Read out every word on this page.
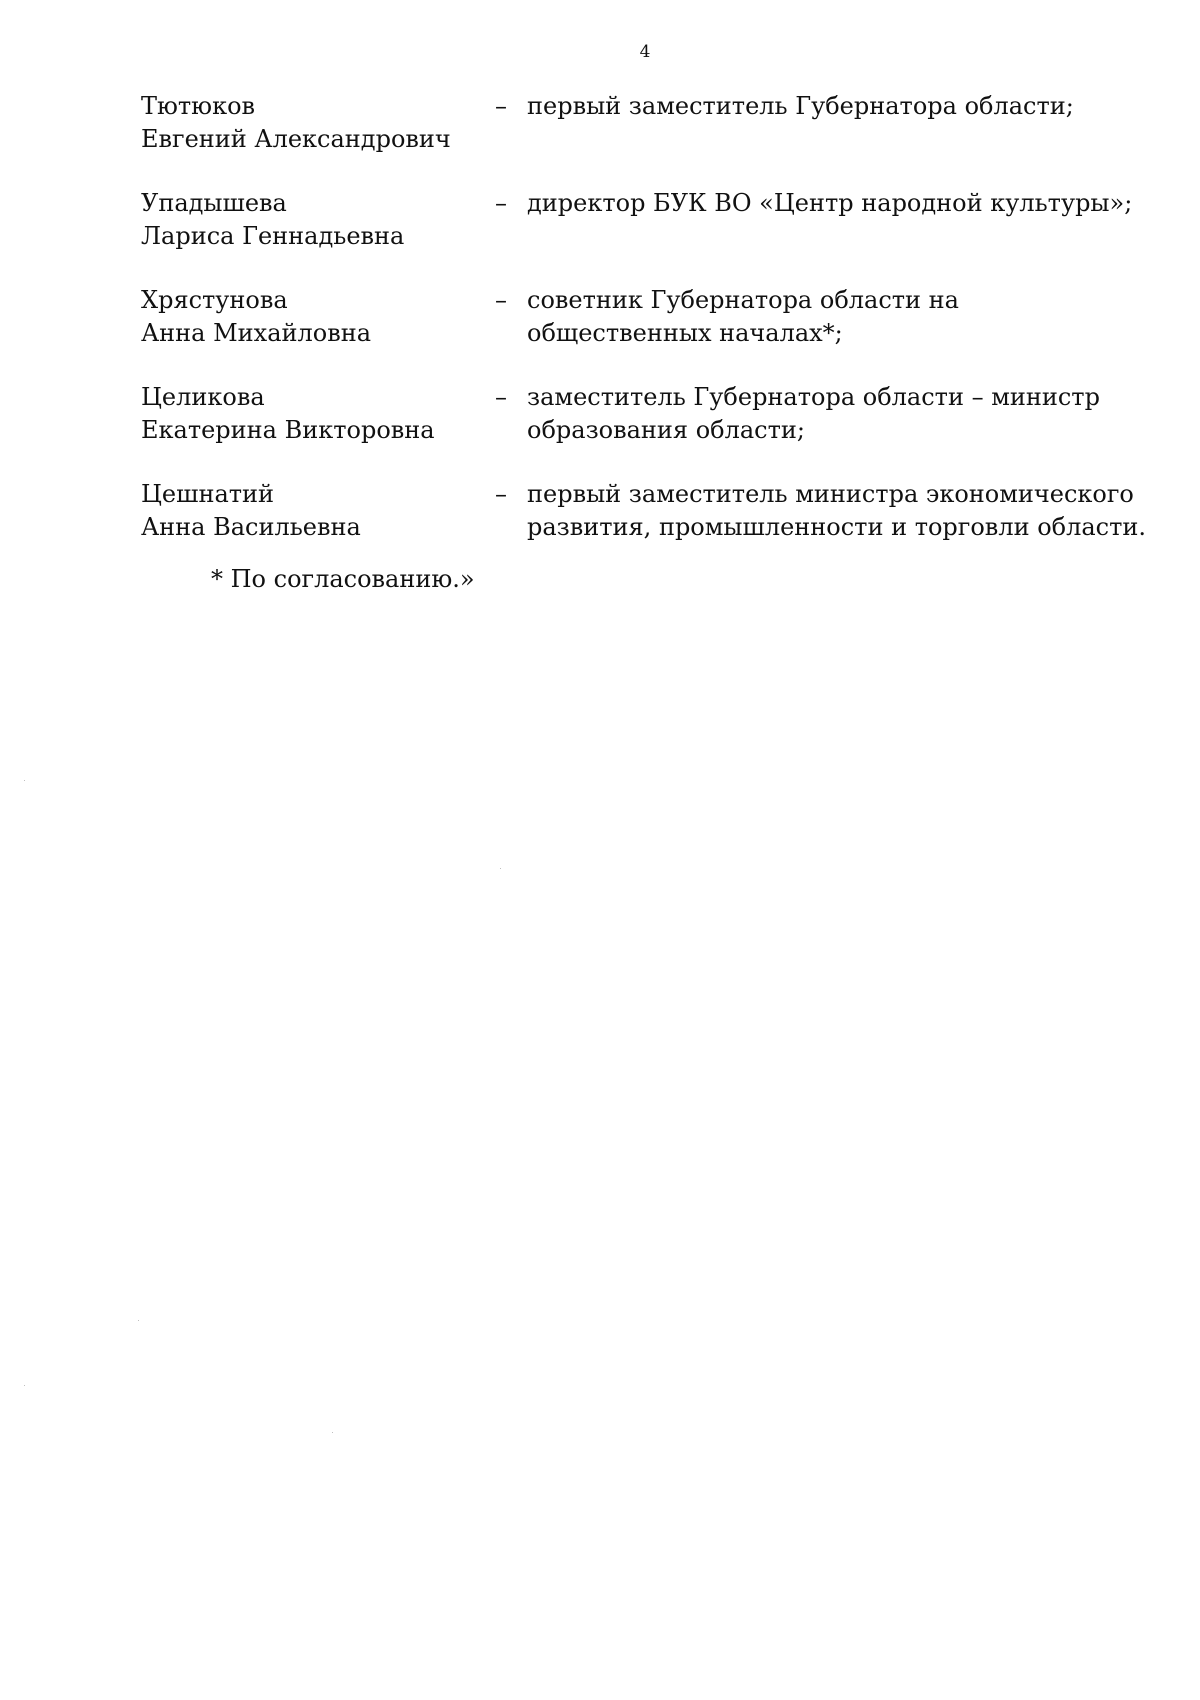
4
Тютюков
Евгений Александрович
– первый заместитель Губернатора области;
Упадышева
Лариса Геннадьевна
– директор БУК ВО «Центр народной культуры»;
Хрястунова
Анна Михайловна
– советник Губернатора области на
общественных началах*;
Целикова
Екатерина Викторовна
– заместитель Губернатора области – министр
образования области;
Цешнатий
Анна Васильевна
– первый заместитель министра экономического
развития, промышленности и торговли области.
* По согласованию.»
